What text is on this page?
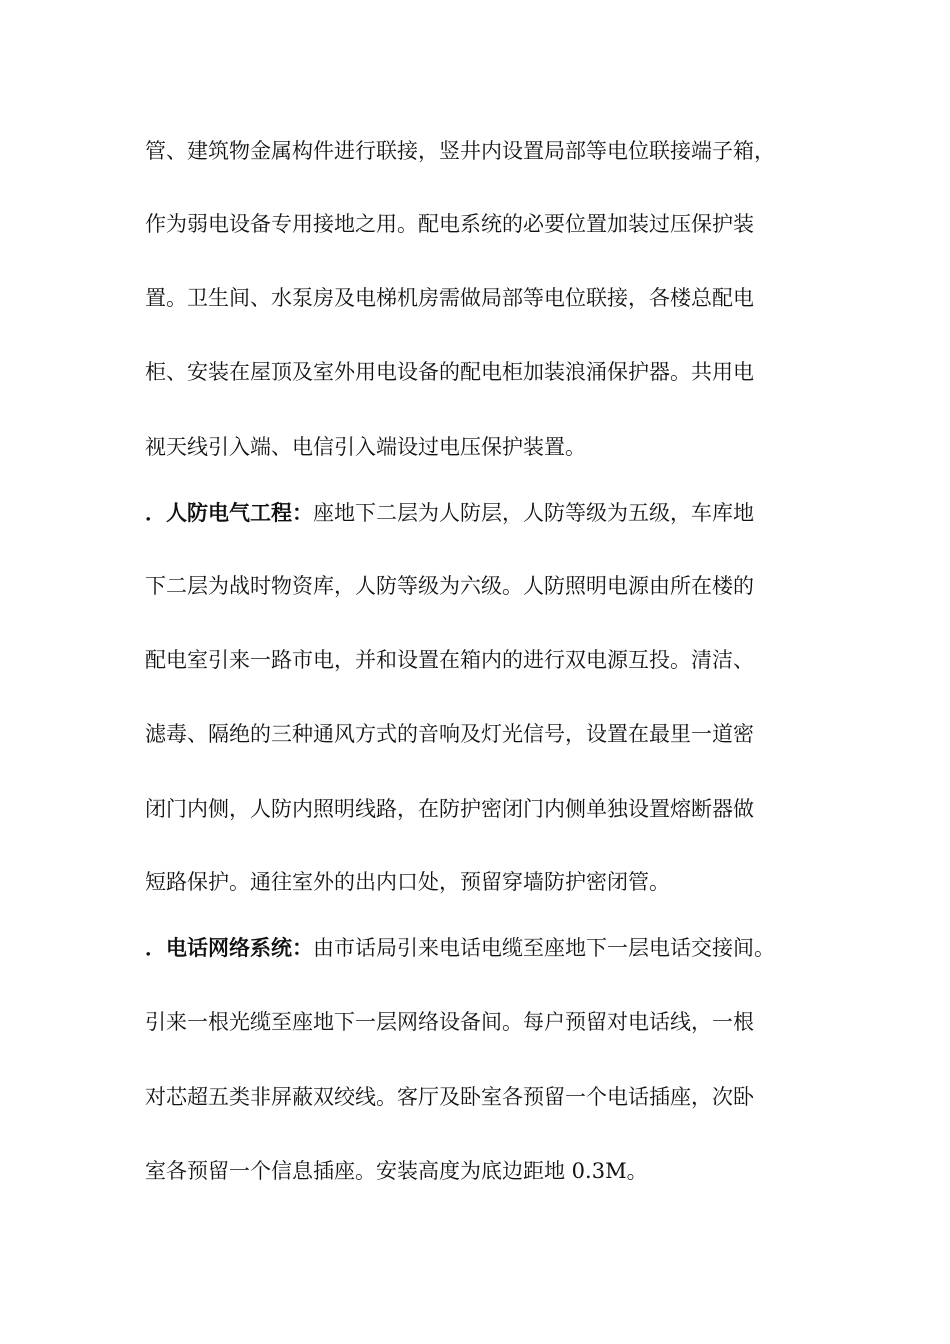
管、建筑物金属构件进行联接，竖井内设置局部等电位联接端子箱，
作为弱电设备专用接地之用。配电系统的必要位置加装过压保护装
置。卫生间、水泵房及电梯机房需做局部等电位联接，各楼总配电
柜、安装在屋顶及室外用电设备的配电柜加装浪涌保护器。共用电
视天线引入端、电信引入端设过电压保护装置。
．人防电气工程：座地下二层为人防层，人防等级为五级，车库地
下二层为战时物资库，人防等级为六级。人防照明电源由所在楼的
配电室引来一路市电，并和设置在箱内的进行双电源互投。清洁、
滤毒、隔绝的三种通风方式的音响及灯光信号，设置在最里一道密
闭门内侧，人防内照明线路，在防护密闭门内侧单独设置熔断器做
短路保护。通往室外的出内口处，预留穿墙防护密闭管。
．电话网络系统：由市话局引来电话电缆至座地下一层电话交接间。
引来一根光缆至座地下一层网络设备间。每户预留对电话线，一根
对芯超五类非屏蔽双绞线。客厅及卧室各预留一个电话插座，次卧
室各预留一个信息插座。安装高度为底边距地 0.3M。
